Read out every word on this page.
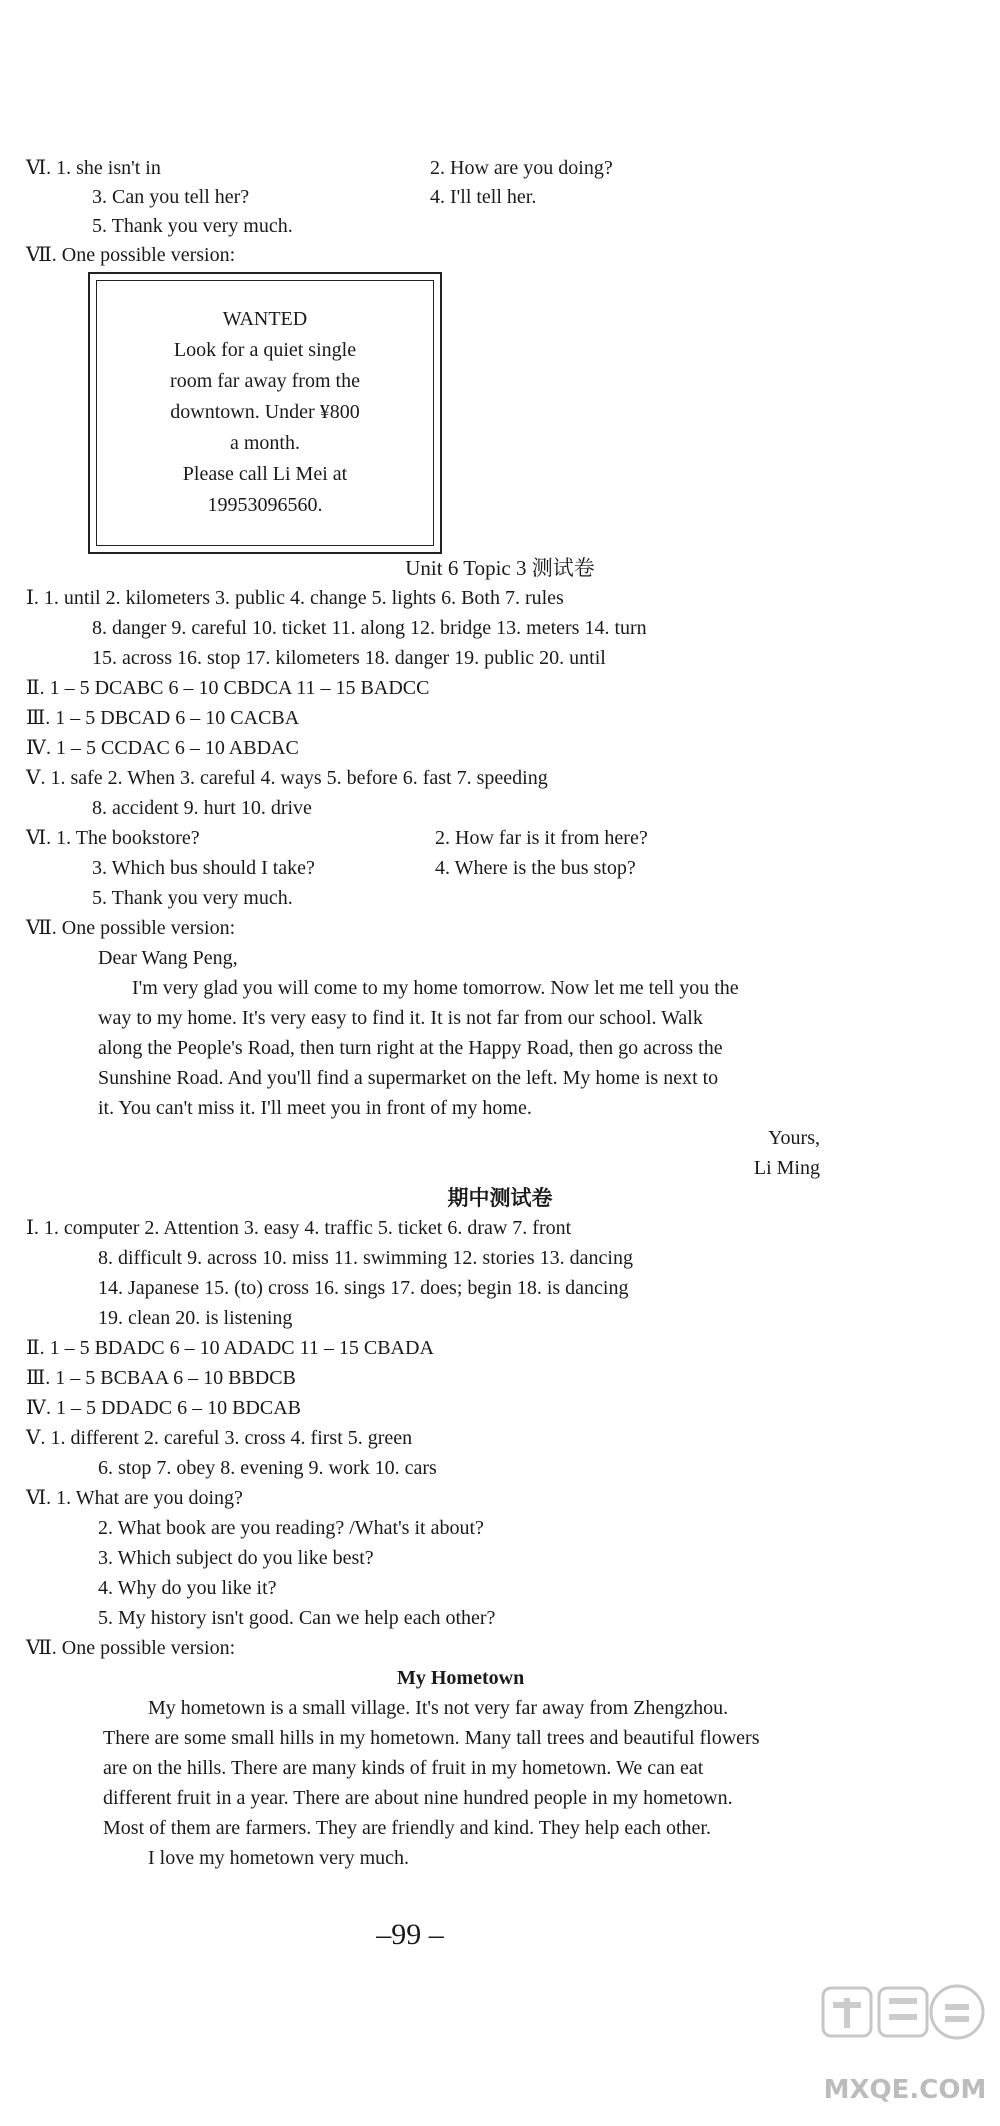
Ⅵ. 1. she isn't in	2. How are you doing?
3. Can you tell her?	4. I'll tell her.
5. Thank you very much.
Ⅶ. One possible version:
WANTED
Look for a quiet single
room far away from the
downtown. Under ¥800
a month.
Please call Li Mei at
19953096560.
Unit 6 Topic 3 测试卷
Ⅰ. 1. until 2. kilometers 3. public 4. change 5. lights 6. Both 7. rules
8. danger 9. careful 10. ticket 11. along 12. bridge 13. meters 14. turn
15. across 16. stop 17. kilometers 18. danger 19. public 20. until
Ⅱ. 1 – 5 DCABC 6 – 10 CBDCA 11 – 15 BADCC
Ⅲ. 1 – 5 DBCAD 6 – 10 CACBA
Ⅳ. 1 – 5 CCDAC 6 – 10 ABDAC
Ⅴ. 1. safe 2. When 3. careful 4. ways 5. before 6. fast 7. speeding
8. accident 9. hurt 10. drive
Ⅵ. 1. The bookstore?	2. How far is it from here?
3. Which bus should I take?	4. Where is the bus stop?
5. Thank you very much.
Ⅶ. One possible version:
Dear Wang Peng,
I'm very glad you will come to my home tomorrow. Now let me tell you the
way to my home. It's very easy to find it. It is not far from our school. Walk
along the People's Road, then turn right at the Happy Road, then go across the
Sunshine Road. And you'll find a supermarket on the left. My home is next to
it. You can't miss it. I'll meet you in front of my home.
Yours,
Li Ming
期中测试卷
Ⅰ. 1. computer 2. Attention 3. easy 4. traffic 5. ticket 6. draw 7. front
8. difficult 9. across 10. miss 11. swimming 12. stories 13. dancing
14. Japanese 15. (to) cross 16. sings 17. does; begin 18. is dancing
19. clean 20. is listening
Ⅱ. 1 – 5 BDADC 6 – 10 ADADC 11 – 15 CBADA
Ⅲ. 1 – 5 BCBAA 6 – 10 BBDCB
Ⅳ. 1 – 5 DDADC 6 – 10 BDCAB
Ⅴ. 1. different 2. careful 3. cross 4. first 5. green
6. stop 7. obey 8. evening 9. work 10. cars
Ⅵ. 1. What are you doing?
2. What book are you reading? /What's it about?
3. Which subject do you like best?
4. Why do you like it?
5. My history isn't good. Can we help each other?
Ⅶ. One possible version:
My Hometown
My hometown is a small village. It's not very far away from Zhengzhou.
There are some small hills in my hometown. Many tall trees and beautiful flowers
are on the hills. There are many kinds of fruit in my hometown. We can eat
different fruit in a year. There are about nine hundred people in my hometown.
Most of them are farmers. They are friendly and kind. They help each other.
I love my hometown very much.
–99 –
MXQE.COM
